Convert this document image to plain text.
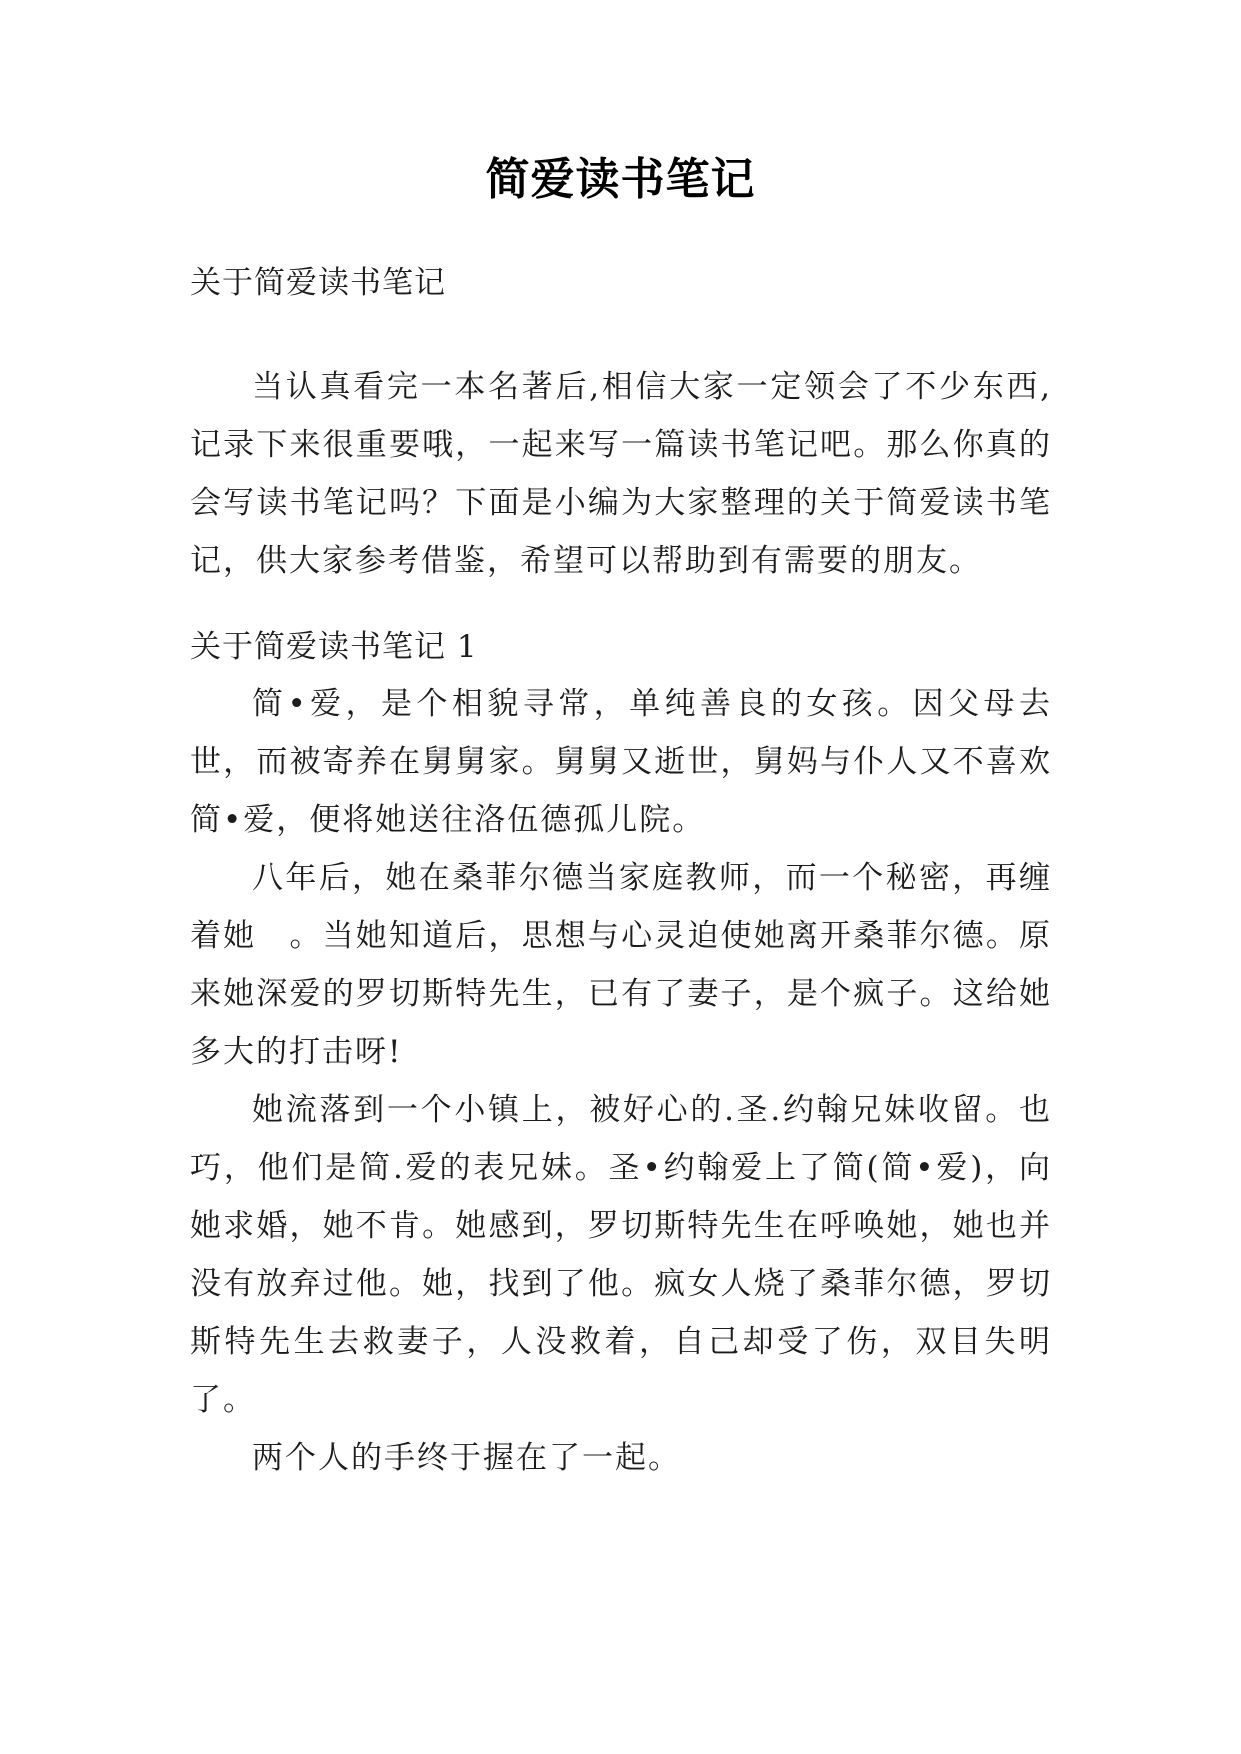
简爱读书笔记
关于简爱读书笔记

当认真看完一本名著后,相信大家一定领会了不少东西,记录下来很重要哦，一起来写一篇读书笔记吧。那么你真的会写读书笔记吗？下面是小编为大家整理的关于简爱读书笔记，供大家参考借鉴，希望可以帮助到有需要的朋友。

关于简爱读书笔记 1

简•爱，是个相貌寻常，单纯善良的女孩。因父母去世，而被寄养在舅舅家。舅舅又逝世，舅妈与仆人又不喜欢简•爱，便将她送往洛伍德孤儿院。

八年后，她在桑菲尔德当家庭教师，而一个秘密，再缠着她　。当她知道后，思想与心灵迫使她离开桑菲尔德。原来她深爱的罗切斯特先生，已有了妻子，是个疯子。这给她多大的打击呀!

她流落到一个小镇上，被好心的.圣.约翰兄妹收留。也巧，他们是简.爱的表兄妹。圣•约翰爱上了简(简•爱)，向她求婚，她不肯。她感到，罗切斯特先生在呼唤她，她也并没有放弃过他。她，找到了他。疯女人烧了桑菲尔德，罗切斯特先生去救妻子，人没救着，自己却受了伤，双目失明了。

两个人的手终于握在了一起。
